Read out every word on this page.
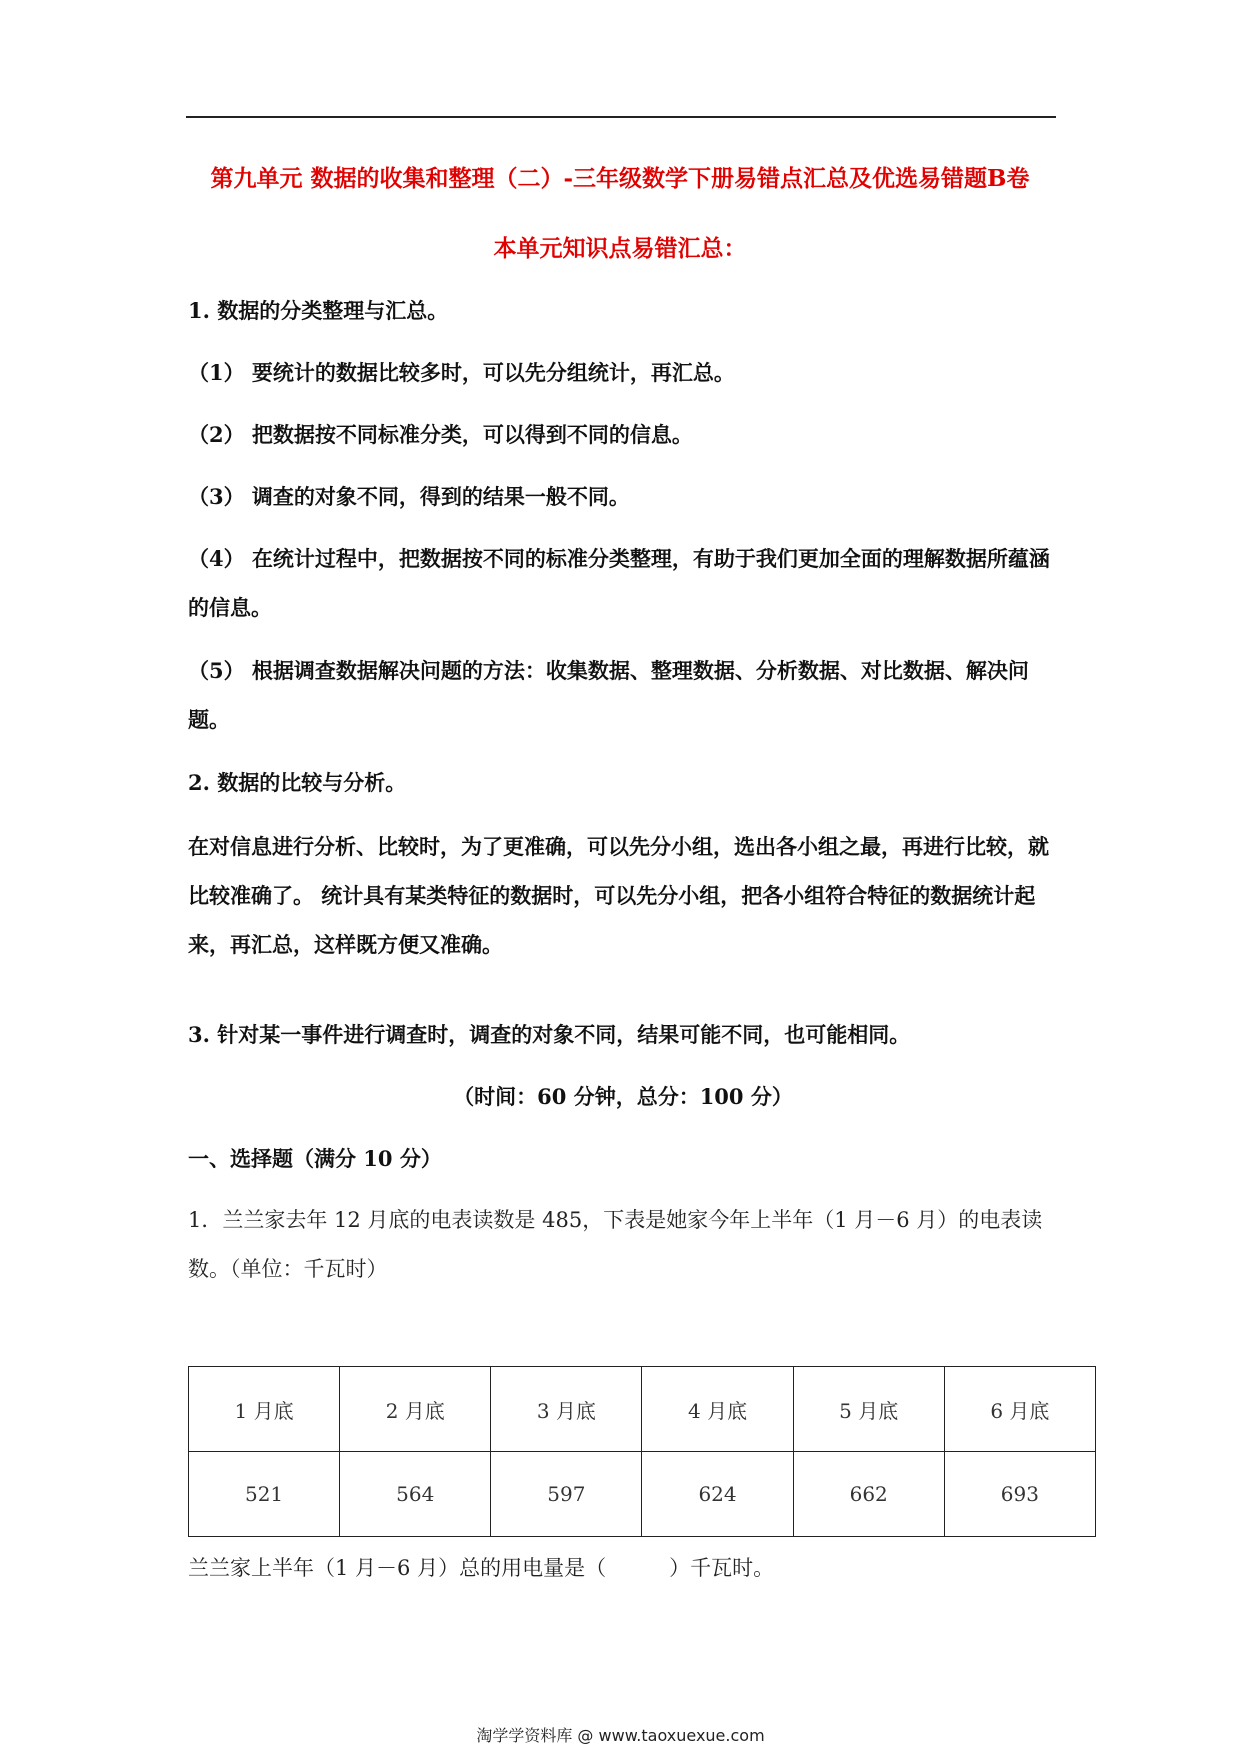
第九单元 数据的收集和整理（二）-三年级数学下册易错点汇总及优选易错题B卷
本单元知识点易错汇总：
1. 数据的分类整理与汇总。
（1） 要统计的数据比较多时，可以先分组统计，再汇总。
（2） 把数据按不同标准分类，可以得到不同的信息。
（3） 调查的对象不同，得到的结果一般不同。
（4） 在统计过程中，把数据按不同的标准分类整理，有助于我们更加全面的理解数据所蕴涵的信息。
（5） 根据调查数据解决问题的方法：收集数据、整理数据、分析数据、对比数据、解决问题。
2. 数据的比较与分析。
在对信息进行分析、比较时，为了更准确，可以先分小组，选出各小组之最，再进行比较，就比较准确了。 统计具有某类特征的数据时，可以先分小组，把各小组符合特征的数据统计起来，再汇总，这样既方便又准确。
3. 针对某一事件进行调查时，调查的对象不同，结果可能不同，也可能相同。
（时间：60 分钟，总分：100 分）
一、选择题（满分 10 分）
1．兰兰家去年 12 月底的电表读数是 485，下表是她家今年上半年（1 月－6 月）的电表读数。（单位：千瓦时）
1 月底	2 月底	3 月底	4 月底	5 月底	6 月底
521	564	597	624	662	693
兰兰家上半年（1 月－6 月）总的用电量是（　　　）千瓦时。
淘学学资料库 @ www.taoxuexue.com
